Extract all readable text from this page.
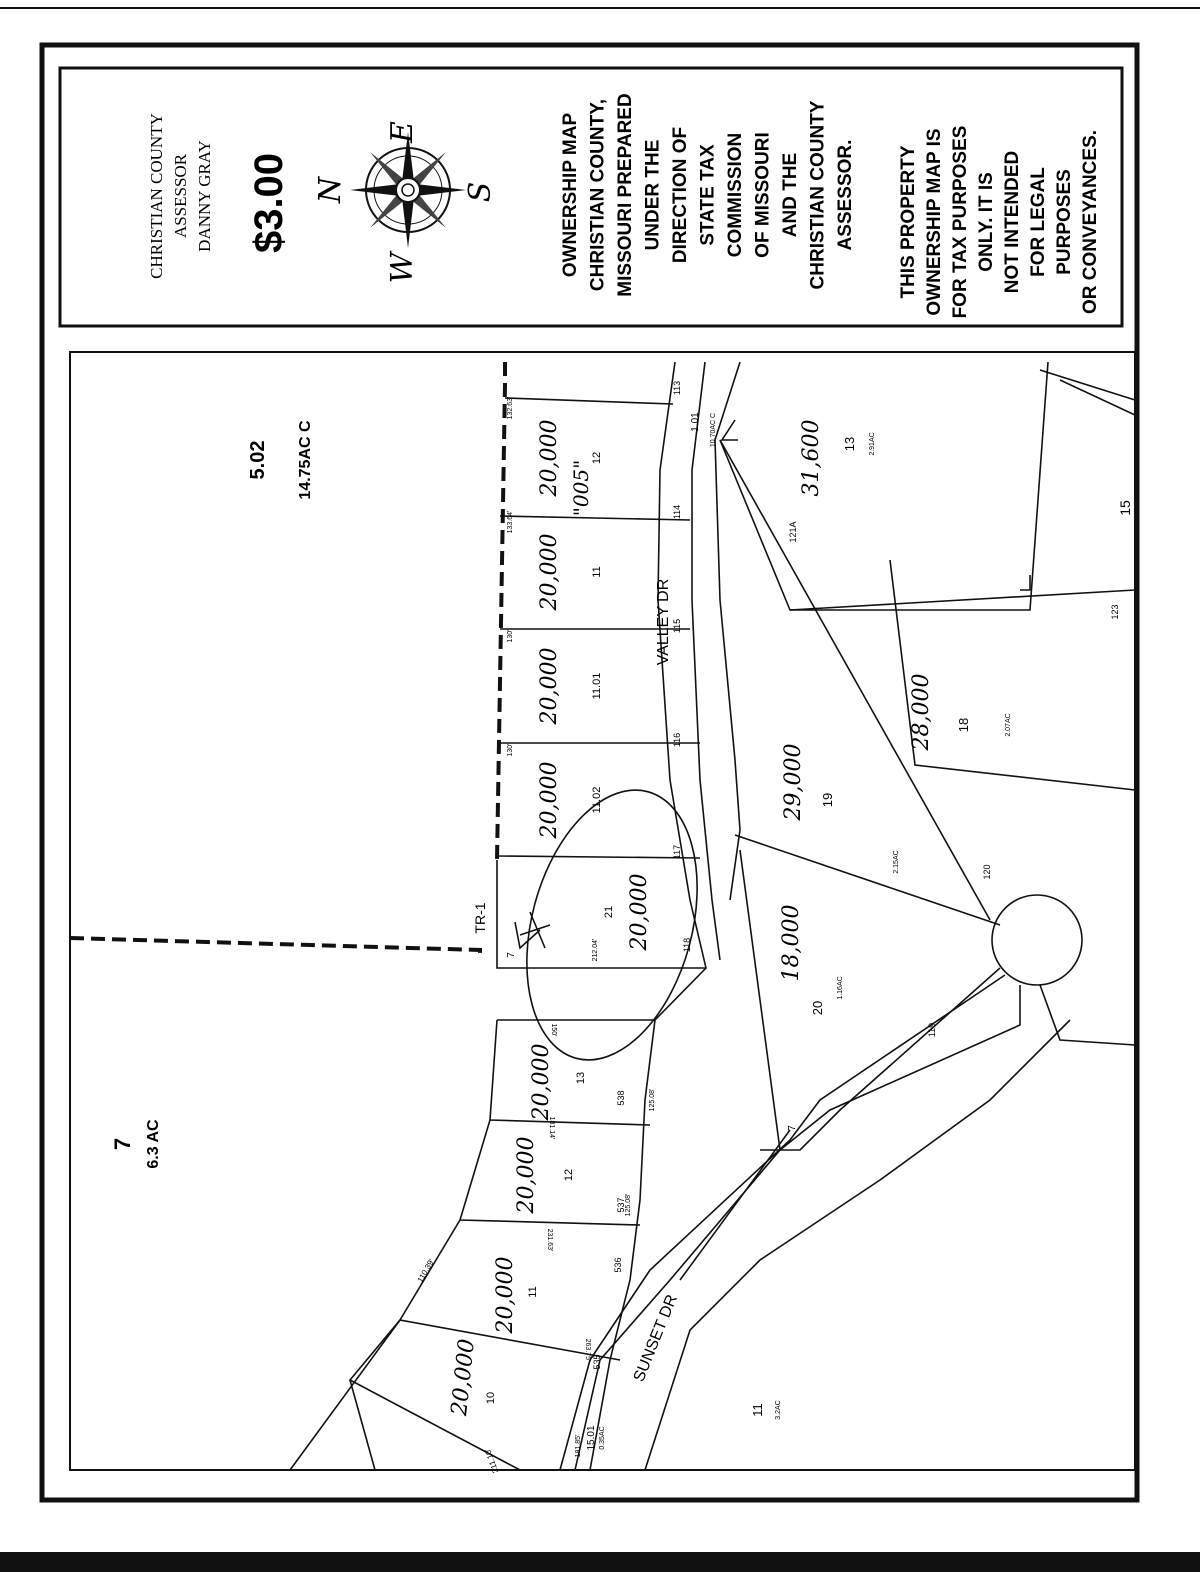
CHRISTIAN COUNTY ASSESSOR DANNY GRAY $3.00 N
E
S
W	OWNERSHIP MAP CHRISTIAN COUNTY, MISSOURI PREPARED UNDER THE DIRECTION OF STATE TAX COMMISSION OF MISSOURI AND THE CHRISTIAN COUNTY ASSESSOR. THIS PROPERTY OWNERSHIP MAP IS FOR TAX PURPOSES ONLY. IT IS NOT INTENDED FOR LEGAL PURPOSES OR CONVEYANCES.
5.02 14.75AC C
7 6.3 AC
VALLEY DR
SUNSET DR
TR-1
20,000	12
113
132.63'
"005"
20,000	11
114
133.64'
20,000	11.01
115
130'
20,000	11.02
116
130'
20,000
21
117
212.04'	118
7
1.01 10.70AC C	31,600 13 2.91AC
28,000 18	2.07AC
29,000 19
2.15AC
18,000
20
1.16AC
11 3.2AC
15
121A
123
120
119
20,000 13
538
150'
125.08'
20,000 12
537
181.14'
125.08'
20,000 11
536
231.63'
20,000 10
535
263.75'
181.85'
211.10'
110.39'
15.01 0.35AC
7
